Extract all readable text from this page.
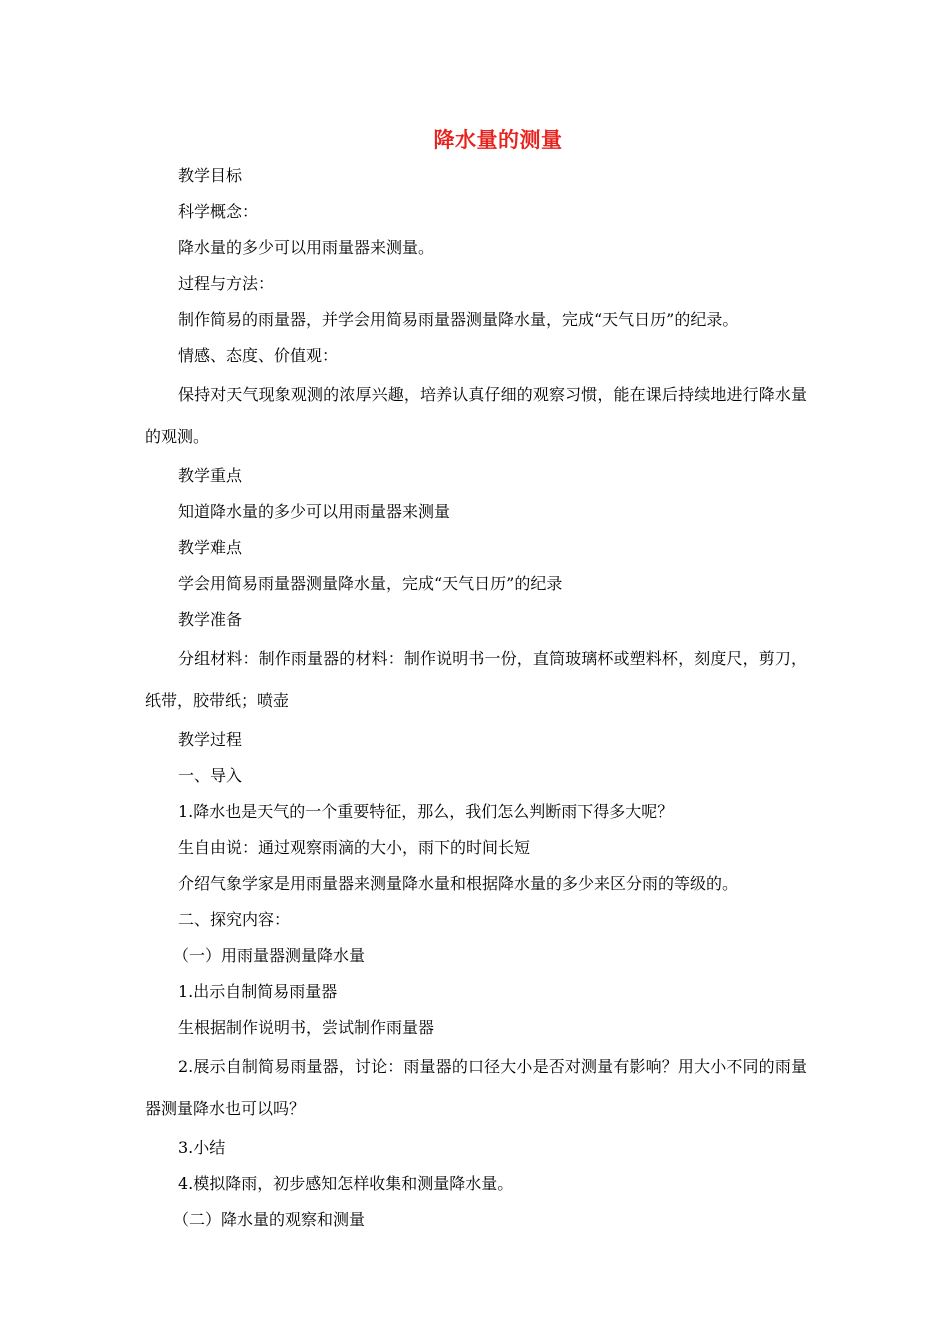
降水量的测量

教学目标

科学概念：

降水量的多少可以用雨量器来测量。

过程与方法：

制作简易的雨量器，并学会用简易雨量器测量降水量，完成“天气日历”的纪录。

情感、态度、价值观：

保持对天气现象观测的浓厚兴趣，培养认真仔细的观察习惯，能在课后持续地进行降水量的观测。

教学重点

知道降水量的多少可以用雨量器来测量

教学难点

学会用简易雨量器测量降水量，完成“天气日历”的纪录

教学准备

分组材料：制作雨量器的材料：制作说明书一份，直筒玻璃杯或塑料杯，刻度尺，剪刀，纸带，胶带纸；喷壶

教学过程

一、导入

1.降水也是天气的一个重要特征，那么，我们怎么判断雨下得多大呢？

生自由说：通过观察雨滴的大小，雨下的时间长短

介绍气象学家是用雨量器来测量降水量和根据降水量的多少来区分雨的等级的。

二、探究内容：

（一）用雨量器测量降水量

1.出示自制简易雨量器

生根据制作说明书，尝试制作雨量器

2.展示自制简易雨量器，讨论：雨量器的口径大小是否对测量有影响？用大小不同的雨量器测量降水也可以吗？

3.小结

4.模拟降雨，初步感知怎样收集和测量降水量。

（二）降水量的观察和测量
